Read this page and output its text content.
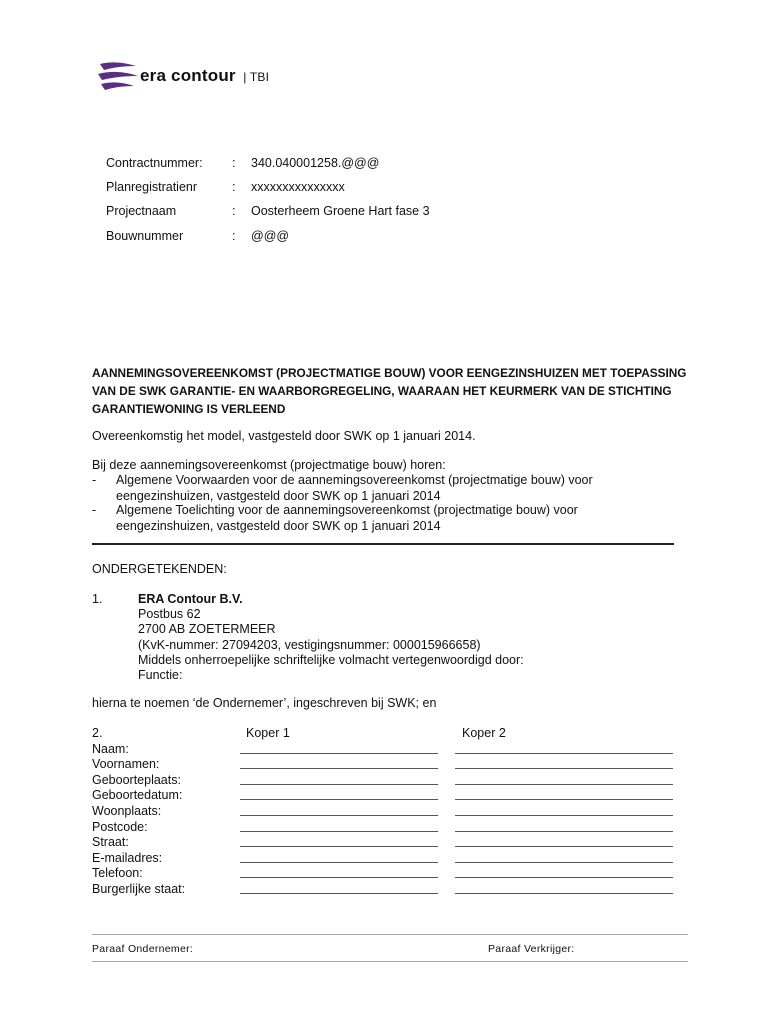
era contour | TBI
Contractnummer: : 340.040001258.@@@
Planregistratienr	: xxxxxxxxxxxxxxx
Projectnaam	: Oosterheem Groene Hart fase 3
Bouwnummer	: @@@
AANNEMINGSOVEREENKOMST (PROJECTMATIGE BOUW) VOOR EENGEZINSHUIZEN MET TOEPASSING VAN DE SWK GARANTIE- EN WAARBORGREGELING, WAARAAN HET KEURMERK VAN DE STICHTING GARANTIEWONING IS VERLEEND
Overeenkomstig het model, vastgesteld door SWK op 1 januari 2014.
Bij deze aannemingsovereenkomst (projectmatige bouw) horen:
- Algemene Voorwaarden voor de aannemingsovereenkomst (projectmatige bouw) voor
eengezinshuizen, vastgesteld door SWK op 1 januari 2014
- Algemene Toelichting voor de aannemingsovereenkomst (projectmatige bouw) voor
eengezinshuizen, vastgesteld door SWK op 1 januari 2014
ONDERGETEKENDEN:
1.	ERA Contour B.V.
Postbus 62
2700 AB ZOETERMEER
(KvK-nummer: 27094203, vestigingsnummer: 000015966658)
Middels onherroepelijke schriftelijke volmacht vertegenwoordigd door:
Functie:
hierna te noemen ‘de Ondernemer’, ingeschreven bij SWK; en
2.	Koper 1	Koper 2
Naam:
Voornamen:
Geboorteplaats:
Geboortedatum:
Woonplaats:
Postcode:
Straat:
E-mailadres:
Telefoon:
Burgerlijke staat:
Paraaf Ondernemer:	Paraaf Verkrijger:
